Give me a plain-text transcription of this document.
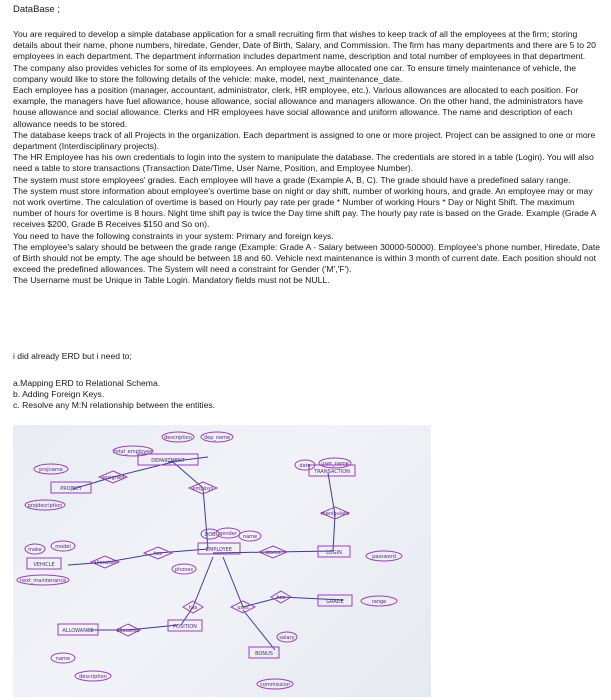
DataBase ;

You are required to develop a simple database application for a small recruiting firm that wishes to keep track of all the employees at the firm; storing details about their name, phone numbers, hiredate, Gender, Date of Birth, Salary, and Commission. The firm has many departments and there are 5 to 20 employees in each department. The department information includes department name, description and total number of employees in that department. The company also provides vehicles for some of its employees. An employee maybe allocated one car. To ensure timely maintenance of vehicle, the company would like to store the following details of the vehicle: make, model, next_maintenance_date.

Each employee has a position (manager, accountant, administrator, clerk, HR employee, etc.). Various allowances are allocated to each position. For example, the managers have fuel allowance, house allowance, social allowance and managers allowance. On the other hand, the administrators have house allowance and social allowance. Clerks and HR employees have social allowance and uniform allowance. The name and description of each allowance needs to be stored.

The database keeps track of all Projects in the organization. Each department is assigned to one or more project. Project can be assigned to one or more department (Interdisciplinary projects).

The HR Employee has his own credentials to login into the system to manipulate the database. The credentials are stored in a table (Login). You will also need a table to store transactions (Transaction Date/Time, User Name, Position, and Employee Number).

The system must store employees' grades. Each employee will have a grade (Example A, B, C). The grade should have a predefined salary range.

The system must store information about employee's overtime base on night or day shift, number of working hours, and grade. An employee may or may not work overtime. The calculation of overtime is based on Hourly pay rate per grade * Number of working Hours * Day or Night Shift. The maximum number of hours for overtime is 8 hours. Night time shift pay is twice the Day time shift pay. The hourly pay rate is based on the Grade. Example (Grade A receives $200, Grade B Receives $150 and So on).

You need to have the following constraints in your system: Primary and foreign keys.

The employee's salary should be between the grade range (Example: Grade A - Salary between 30000-50000). Employee's phone number, Hiredate, Date of Birth should not be empty. The age should be between 18 and 60. Vehicle next maintenance is within 3 month of current date. Each position should not exceed the predefined allowances. The System will need a constraint for Gender ('M','F').

The Username must be Unique in Table Login. Mandatory fields must not be NULL.

i did already ERD but i need to;
a.Mapping ERD to Relational Schema.
b. Adding Foreign Keys.
c. Resolve any M:N relationship between the entities.
DEPARTMENT
PROJECT
EMPLOYEE
VEHICLE
TRANSACTION
LOGIN
GRADE
POSITION
ALLOWANCE
BONUS
description dep_name
projname
projdecription
total_employee
model
make
next_maintenance
DOB gender name
phones
salary
commission
date user_name
password
name
description
range
assigned
allocated
employs
has
manipulate
stores
has
allocated
uses
has
